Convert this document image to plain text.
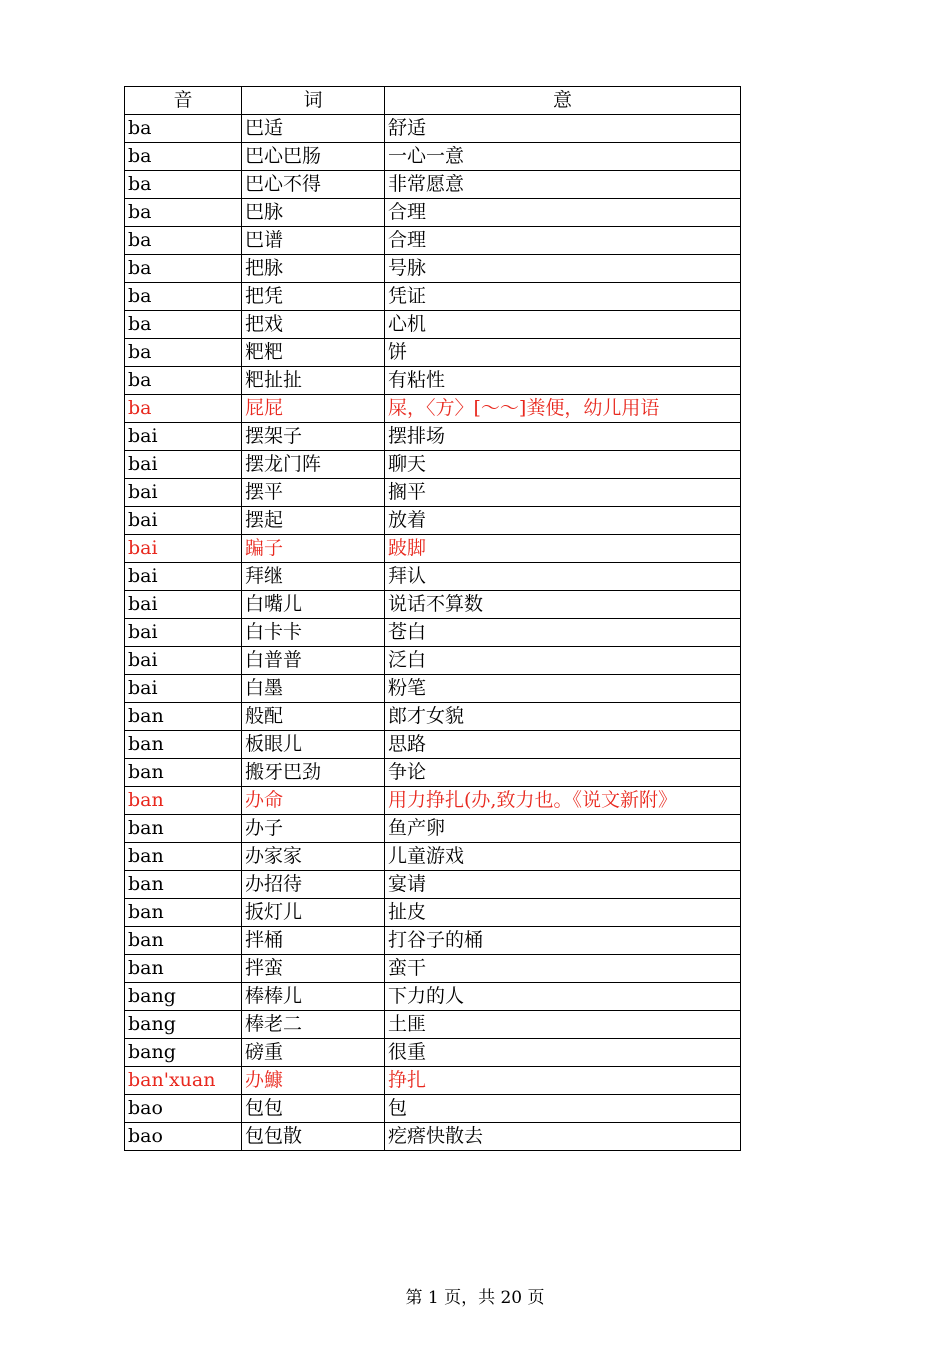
音	词	意
ba	巴适	舒适
ba	巴心巴肠	一心一意
ba	巴心不得	非常愿意
ba	巴脉	合理
ba	巴谱	合理
ba	把脉	号脉
ba	把凭	凭证
ba	把戏	心机
ba	粑粑	饼
ba	粑扯扯	有粘性
ba	屁屁	屎，〈方〉[～～]粪便，幼儿用语
bai	摆架子	摆排场
bai	摆龙门阵	聊天
bai	摆平	搁平
bai	摆起	放着
bai	蹁子	跛脚
bai	拜继	拜认
bai	白嘴儿	说话不算数
bai	白卡卡	苍白
bai	白普普	泛白
bai	白墨	粉笔
ban	般配	郎才女貌
ban	板眼儿	思路
ban	搬牙巴劲	争论
ban	办命	用力挣扎(办,致力也。《说文新附》
ban	办子	鱼产卵
ban	办家家	儿童游戏
ban	办招待	宴请
ban	扳灯儿	扯皮
ban	拌桶	打谷子的桶
ban	拌蛮	蛮干
bang	棒棒儿	下力的人
bang	棒老二	土匪
bang	磅重	很重
ban'xuan	办鱇	挣扎
bao	包包	包
bao	包包散	疙瘩快散去
第 1 页，共 20 页
